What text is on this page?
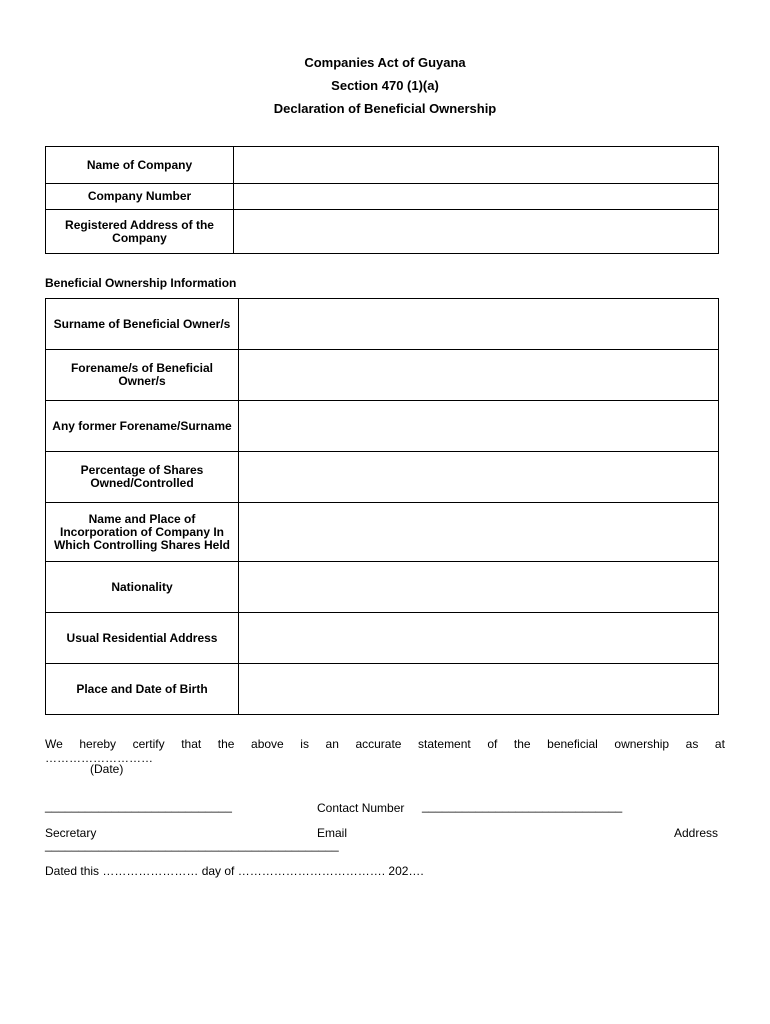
Companies Act of Guyana
Section 470 (1)(a)
Declaration of Beneficial Ownership
Name of Company	

Company Number	

Registered Address of the Company	
Beneficial Ownership Information
Surname of Beneficial Owner/s	

Forename/s of Beneficial Owner/s	

Any former Forename/Surname	

Percentage of Shares Owned/Controlled	

Name and Place of Incorporation of Company In Which Controlling Shares Held	

Nationality	

Usual Residential Address	

Place and Date of Birth	
We hereby certify that the above is an accurate statement of the beneficial ownership as at
………………………
(Date)
____________________________	Contact Number ______________________________
Secretary	Email	Address
____________________________________________
Dated this …………………… day of ………………………………. 202….
